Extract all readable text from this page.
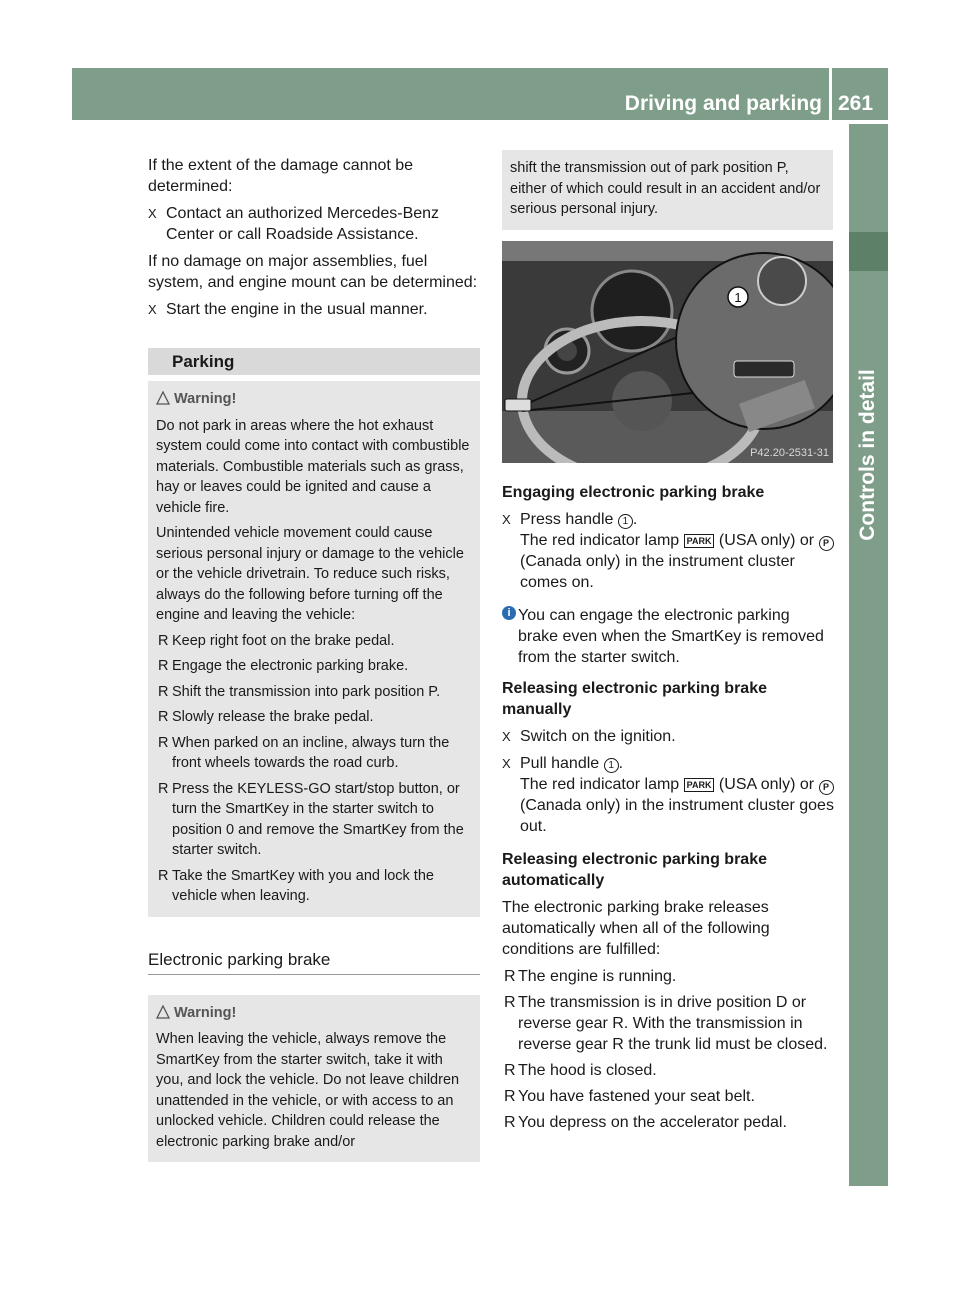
Driving and parking 261
Controls in detail

If the extent of the damage cannot be determined:

X Contact an authorized Mercedes-Benz Center or call Roadside Assistance.

If no damage on major assemblies, fuel system, and engine mount can be determined:

X Start the engine in the usual manner.
Parking
Warning!

Do not park in areas where the hot exhaust system could come into contact with combustible materials. Combustible materials such as grass, hay or leaves could be ignited and cause a vehicle fire.

Unintended vehicle movement could cause serious personal injury or damage to the vehicle or the vehicle drivetrain. To reduce such risks, always do the following before turning off the engine and leaving the vehicle:

R Keep right foot on the brake pedal.
R Engage the electronic parking brake.
R Shift the transmission into park position P.
R Slowly release the brake pedal.
R When parked on an incline, always turn the front wheels towards the road curb.
R Press the KEYLESS-GO start/stop button, or turn the SmartKey in the starter switch to position 0 and remove the SmartKey from the starter switch.
R Take the SmartKey with you and lock the vehicle when leaving.
Electronic parking brake
Warning!

When leaving the vehicle, always remove the SmartKey from the starter switch, take it with you, and lock the vehicle. Do not leave children unattended in the vehicle, or with access to an unlocked vehicle. Children could release the electronic parking brake and/or

shift the transmission out of park position P, either of which could result in an accident and/or serious personal injury.

1
P42.20-2531-31

Engaging electronic parking brake

X Press handle 1 .
The red indicator lamp PARK (USA only) or P (Canada only) in the instrument cluster comes on.
i You can engage the electronic parking brake even when the SmartKey is removed from the starter switch.

Releasing electronic parking brake manually

X Switch on the ignition.
X Pull handle 1 .
The red indicator lamp PARK (USA only) or P (Canada only) in the instrument cluster goes out.

Releasing electronic parking brake automatically

The electronic parking brake releases automatically when all of the following conditions are fulfilled:

R The engine is running.
R The transmission is in drive position D or reverse gear R. With the transmission in reverse gear R the trunk lid must be closed.
R The hood is closed.
R You have fastened your seat belt.
R You depress on the accelerator pedal.
